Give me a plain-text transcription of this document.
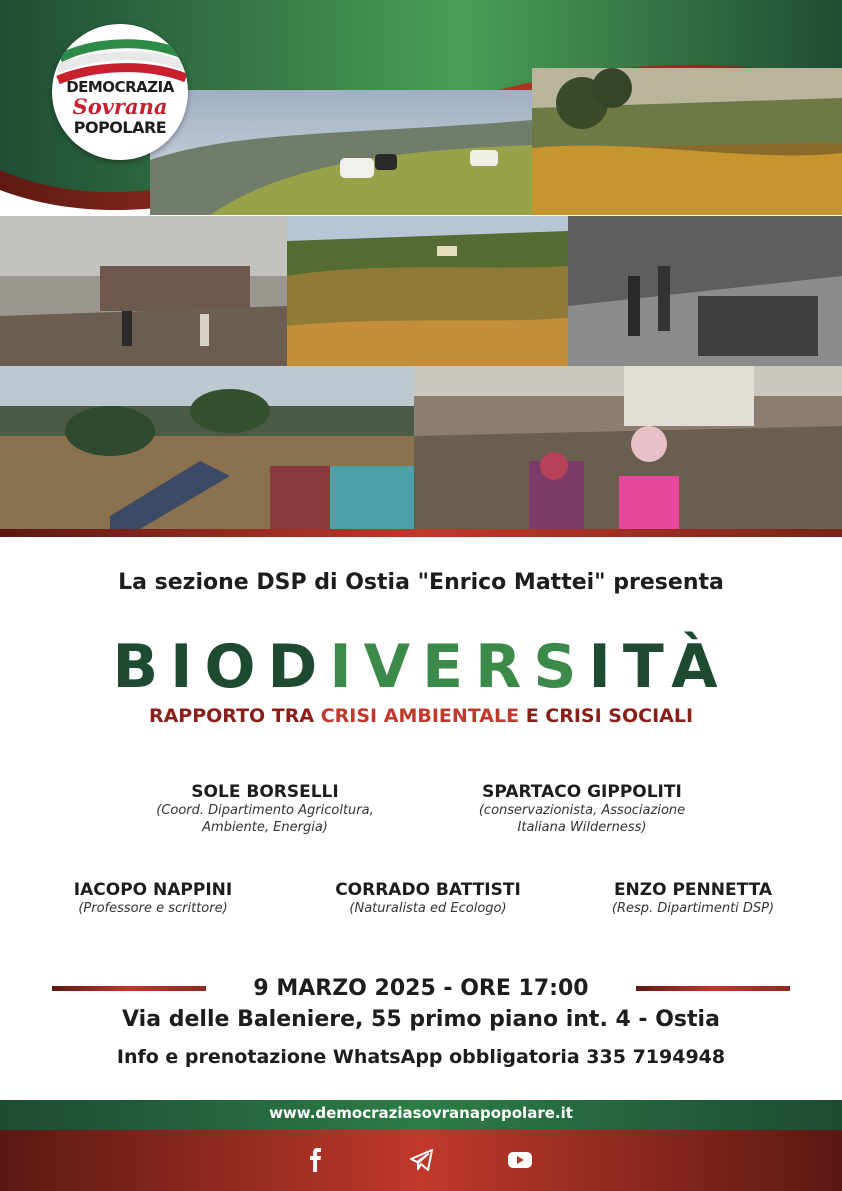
DEMOCRAZIA
Sovrana
POPOLARE
La sezione DSP di Ostia "Enrico Mattei" presenta
BIODIVERSITÀ
RAPPORTO TRA CRISI AMBIENTALE E CRISI SOCIALI
SOLE BORSELLI
(Coord. Dipartimento Agricoltura,
Ambiente, Energia)
SPARTACO GIPPOLITI
(conservazionista, Associazione
Italiana Wilderness)
IACOPO NAPPINI
(Professore e scrittore)
CORRADO BATTISTI
(Naturalista ed Ecologo)
ENZO PENNETTA
(Resp. Dipartimenti DSP)
9 MARZO 2025 - ORE 17:00
Via delle Baleniere, 55 primo piano int. 4 - Ostia
Info e prenotazione WhatsApp obbligatoria 335 7194948
www.democraziasovranapopolare.it
